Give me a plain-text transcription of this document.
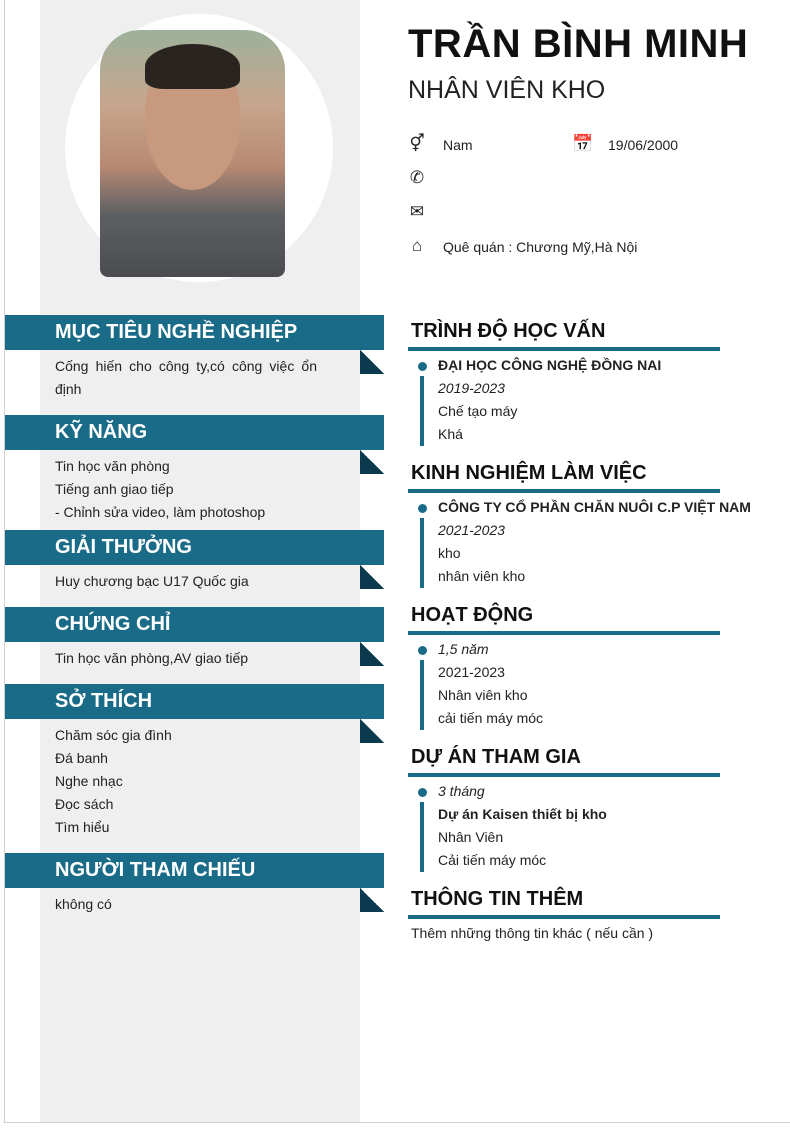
MỤC TIÊU NGHỀ NGHIỆP
Cống hiến cho công ty,có công việc ổn định
KỸ NĂNG
Tin học văn phòng
Tiếng anh giao tiếp
- Chỉnh sửa video, làm photoshop
GIẢI THƯỞNG
Huy chương bạc U17 Quốc gia
CHỨNG CHỈ
Tin học văn phòng,AV giao tiếp
SỞ THÍCH
Chăm sóc gia đình
Đá banh
Nghe nhạc
Đọc sách
Tìm hiểu
NGƯỜI THAM CHIẾU
không có
TRẦN BÌNH MINH
NHÂN VIÊN KHO
⚥ Nam	📅 19/06/2000
✆
✉
⌂	Quê quán : Chương Mỹ,Hà Nội
TRÌNH ĐỘ HỌC VẤN
ĐẠI HỌC CÔNG NGHỆ ĐỒNG NAI
2019-2023
Chế tạo máy
Khá
KINH NGHIỆM LÀM VIỆC
CÔNG TY CỔ PHẦN CHĂN NUÔI C.P VIỆT NAM
2021-2023
kho
nhân viên kho
HOẠT ĐỘNG
1,5 năm
2021-2023
Nhân viên kho
cải tiến máy móc
DỰ ÁN THAM GIA
3 tháng
Dự án Kaisen thiết bị kho
Nhân Viên
Cải tiến máy móc
THÔNG TIN THÊM
Thêm những thông tin khác ( nếu cần )
